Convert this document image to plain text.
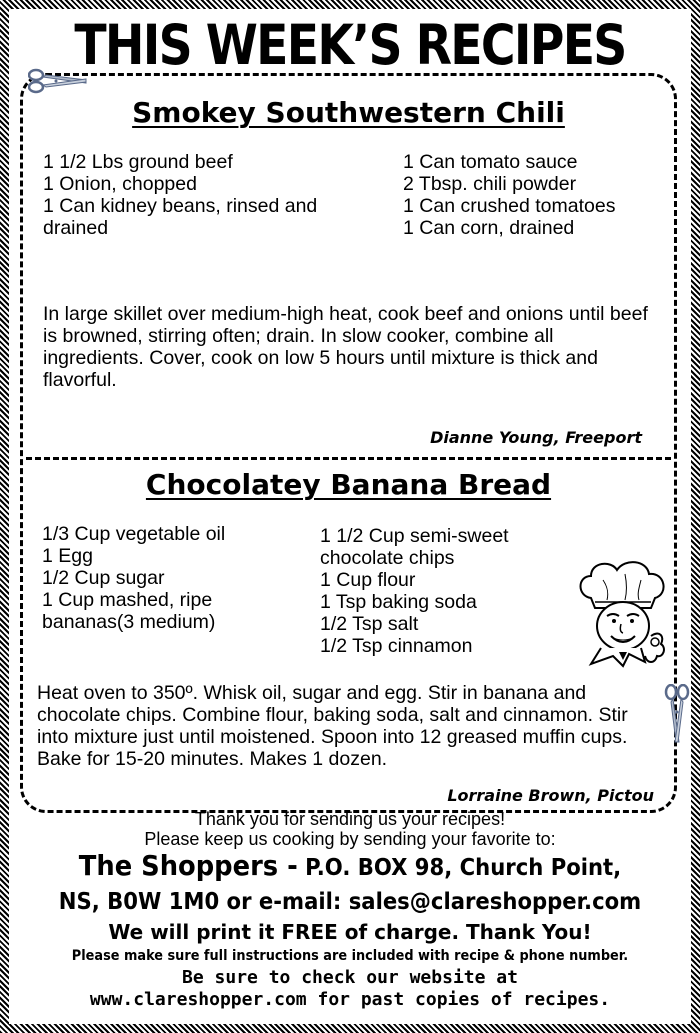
THIS WEEK’S RECIPES
Smokey Southwestern Chili
1 1/2 Lbs ground beef
1 Onion, chopped
1 Can kidney beans, rinsed and drained
1 Can tomato sauce
2 Tbsp. chili powder
1 Can crushed tomatoes
1 Can corn, drained

In large skillet over medium-high heat, cook beef and onions until beef is browned, stirring often; drain. In slow cooker, combine all ingredients. Cover, cook on low 5 hours until mixture is thick and flavorful.

Dianne Young, Freeport

Chocolatey Banana Bread
1/3 Cup vegetable oil
1 Egg
1/2 Cup sugar
1 Cup mashed, ripe bananas(3 medium)
1 1/2 Cup semi-sweet chocolate chips
1 Cup flour
1 Tsp baking soda
1/2 Tsp salt
1/2 Tsp cinnamon

Heat oven to 350º. Whisk oil, sugar and egg. Stir in banana and chocolate chips. Combine flour, baking soda, salt and cinnamon. Stir into mixture just until moistened. Spoon into 12 greased muffin cups. Bake for 15-20 minutes. Makes 1 dozen.

Lorraine Brown, Pictou

Thank you for sending us your recipes!

Please keep us cooking by sending your favorite to:

The Shoppers - P.O. BOX 98, Church Point,

NS, B0W 1M0 or e-mail: sales@clareshopper.com

We will print it FREE of charge. Thank You!

Please make sure full instructions are included with recipe & phone number.

Be sure to check our website at

www.clareshopper.com for past copies of recipes.
